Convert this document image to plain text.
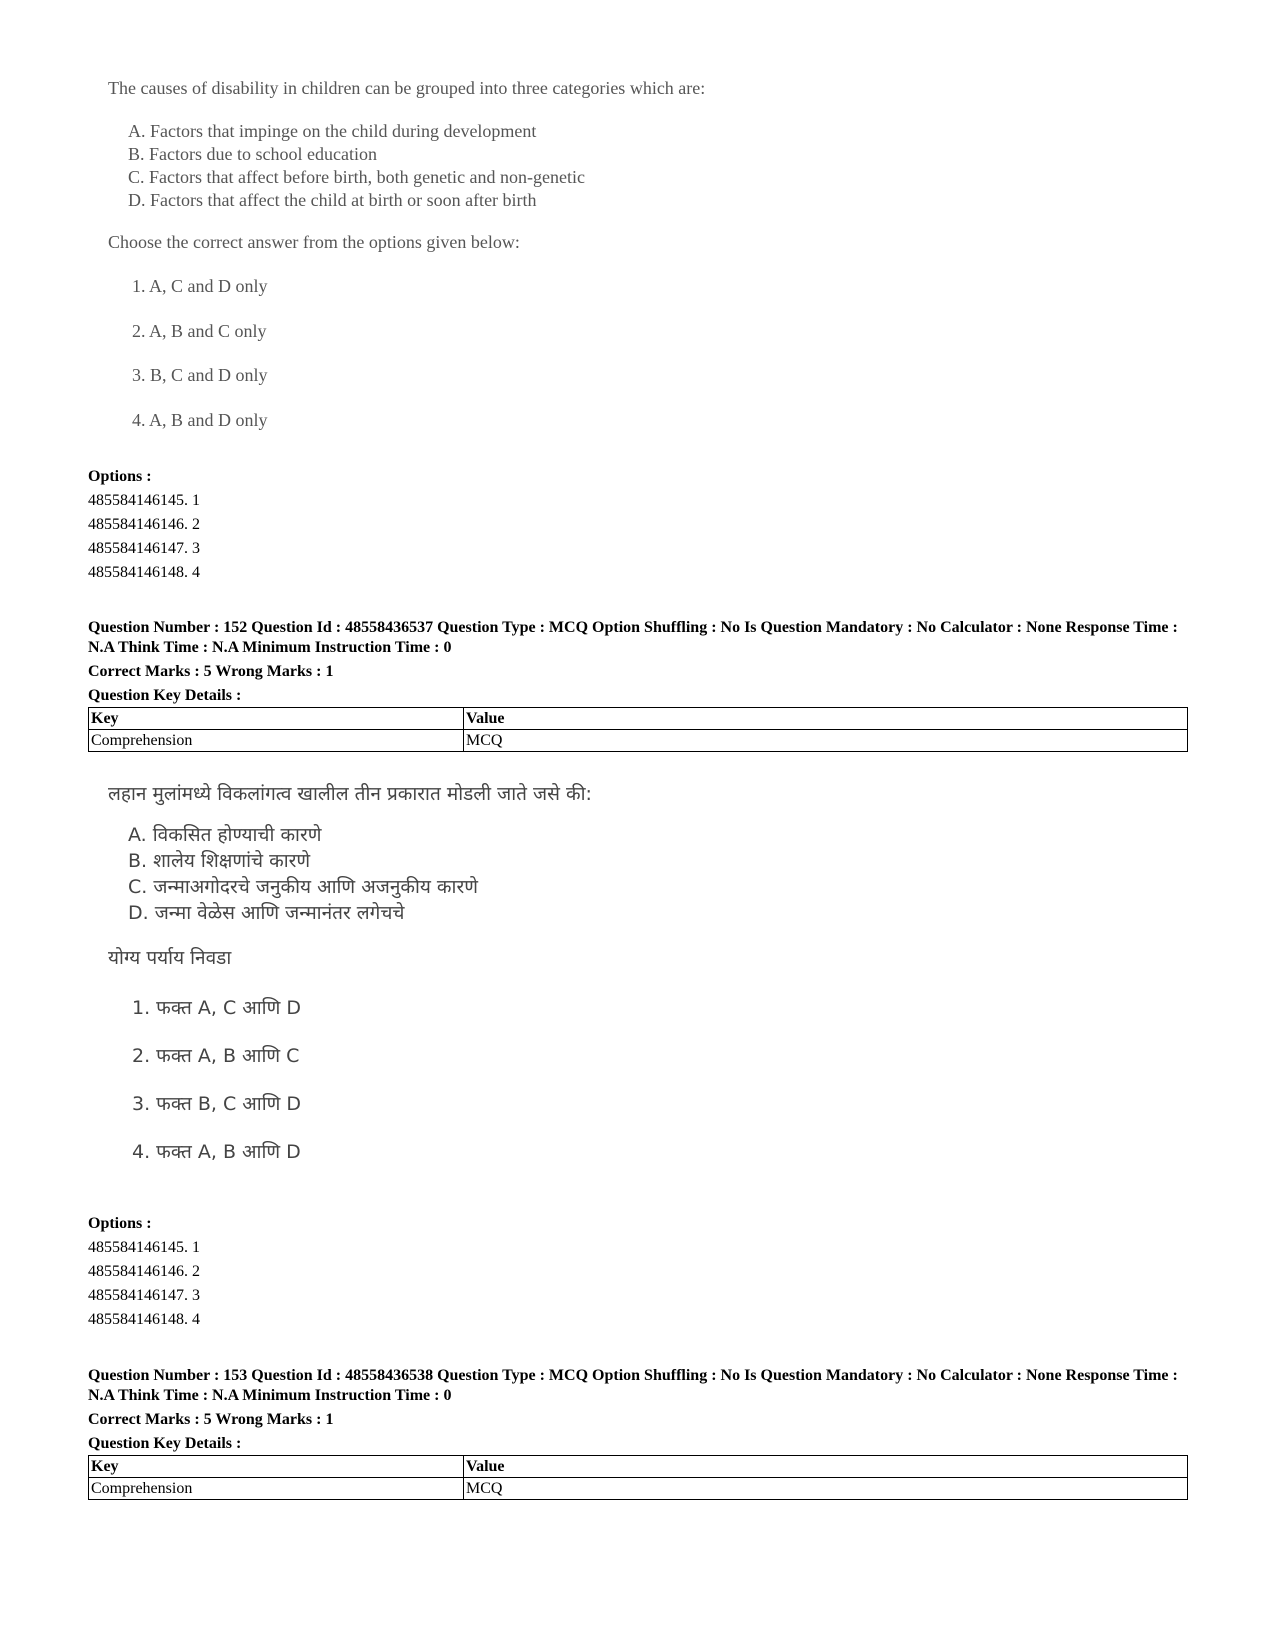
The causes of disability in children can be grouped into three categories which are:
A. Factors that impinge on the child during development
B. Factors due to school education
C. Factors that affect before birth, both genetic and non-genetic
D. Factors that affect the child at birth or soon after birth
Choose the correct answer from the options given below:
1. A, C and D only
2. A, B and C only
3. B, C and D only
4. A, B and D only
Options :
485584146145. 1
485584146146. 2
485584146147. 3
485584146148. 4
Question Number : 152 Question Id : 48558436537 Question Type : MCQ Option Shuffling : No Is Question Mandatory : No Calculator : None Response Time : N.A Think Time : N.A Minimum Instruction Time : 0
Correct Marks : 5 Wrong Marks : 1
Question Key Details :
Key	Value
Comprehension	MCQ
लहान मुलांमध्ये विकलांगत्व खालील तीन प्रकारात मोडली जाते जसे की:
A. विकसित होण्याची कारणे
B. शालेय शिक्षणांचे कारणे
C. जन्माअगोदरचे जनुकीय आणि अजनुकीय कारणे
D. जन्मा वेळेस आणि जन्मानंतर लगेचचे
योग्य पर्याय निवडा
1. फक्त A, C आणि D
2. फक्त A, B आणि C
3. फक्त B, C आणि D
4. फक्त A, B आणि D
Options :
485584146145. 1
485584146146. 2
485584146147. 3
485584146148. 4
Question Number : 153 Question Id : 48558436538 Question Type : MCQ Option Shuffling : No Is Question Mandatory : No Calculator : None Response Time : N.A Think Time : N.A Minimum Instruction Time : 0
Correct Marks : 5 Wrong Marks : 1
Question Key Details :
Key	Value
Comprehension	MCQ
